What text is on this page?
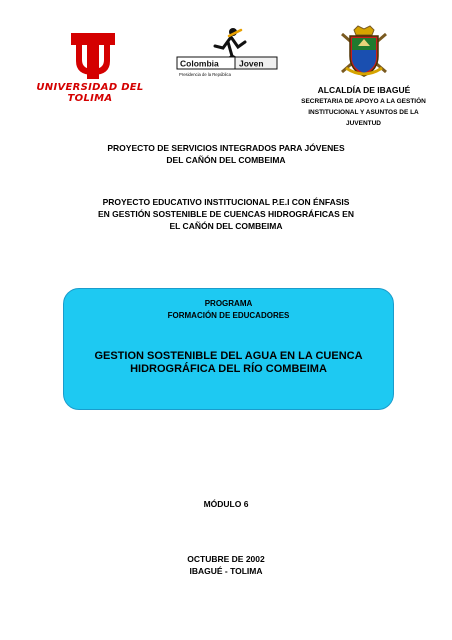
UNIVERSIDAD DEL TOLIMA
Colombia Joven
Presidencia de la República
ALCALDÍA DE IBAGUÉ
SECRETARIA DE APOYO A LA GESTIÓN
INSTITUCIONAL Y ASUNTOS DE LA
JUVENTUD
PROYECTO DE SERVICIOS INTEGRADOS PARA JÓVENES
DEL CAÑÓN DEL COMBEIMA
PROYECTO EDUCATIVO INSTITUCIONAL P.E.I CON ÉNFASIS
EN GESTIÓN SOSTENIBLE DE CUENCAS HIDROGRÁFICAS EN
EL CAÑÓN DEL COMBEIMA
PROGRAMA
FORMACIÓN DE EDUCADORES
GESTION SOSTENIBLE DEL AGUA EN LA CUENCA
HIDROGRÁFICA DEL RÍO COMBEIMA
MÓDULO 6
OCTUBRE DE 2002
IBAGUÉ - TOLIMA
